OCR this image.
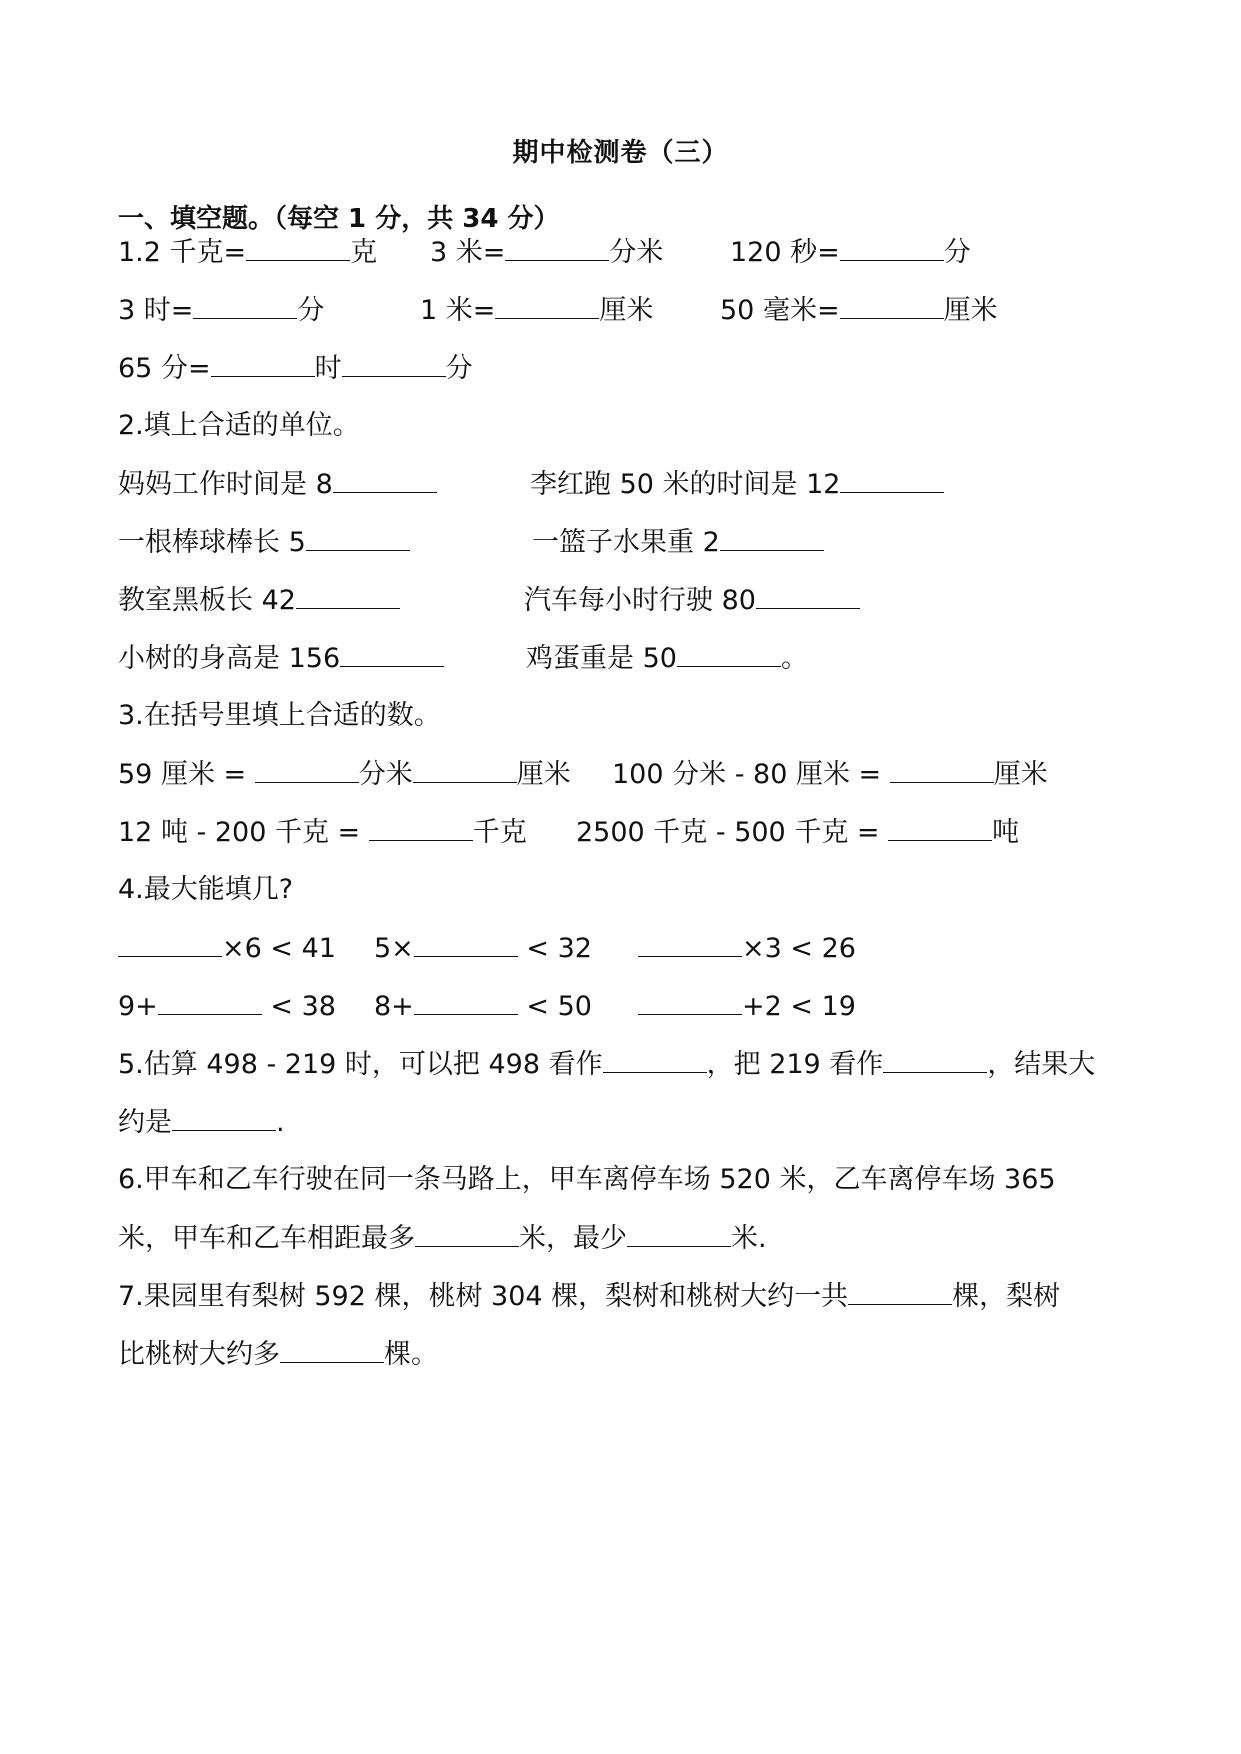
期中检测卷（三）
一、填空题。（每空 1 分，共 34 分）
1.2 千克=	克 3 米=	分米 120 秒=	分
3 时=	分	1 米=	厘米 50 毫米=	厘米
65 分=	时	分
2.填上合适的单位。
妈妈工作时间是 8	李红跑 50 米的时间是 12
一根棒球棒长 5	一篮子水果重 2
教室黑板长 42	汽车每小时行驶 80
小树的身高是 156	鸡蛋重是 50	。
3.在括号里填上合适的数。
59 厘米 =	分米	厘米 100 分米 - 80 厘米 =	厘米
12 吨 - 200 千克 =	千克 2500 千克 - 500 千克 =	吨
4.最大能填几?
×6 < 41 5×	< 32	×3 < 26
9+	< 38 8+	< 50	+2 < 19
5.估算 498 - 219 时，可以把 498 看作	，把 219 看作	，结果大
约是	.
6.甲车和乙车行驶在同一条马路上，甲车离停车场 520 米，乙车离停车场 365
米，甲车和乙车相距最多	米，最少	米.
7.果园里有梨树 592 棵，桃树 304 棵，梨树和桃树大约一共	棵，梨树
比桃树大约多	棵。
